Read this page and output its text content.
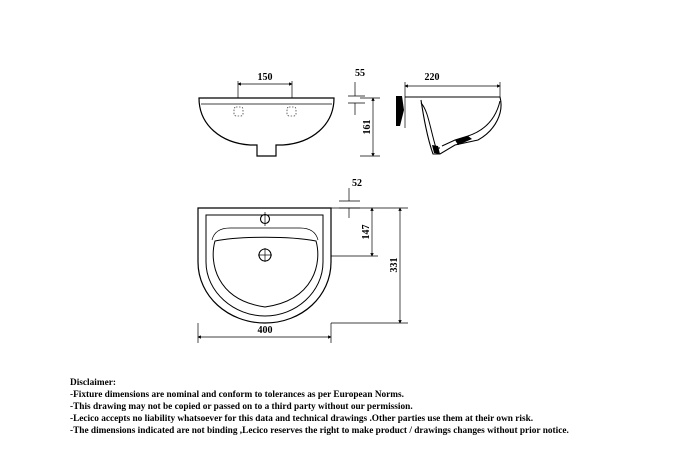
150	55
161
220
400
52
147
331
Disclaimer:
-Fixture dimensions are nominal and conform to tolerances as per European Norms.
-This drawing may not be copied or passed on to a third party without our permission.
-Lecico accepts no liability whatsoever for this data and technical drawings .Other parties use them at their own risk.
-The dimensions indicated are not binding ,Lecico reserves the right to make product / drawings changes without prior notice.
